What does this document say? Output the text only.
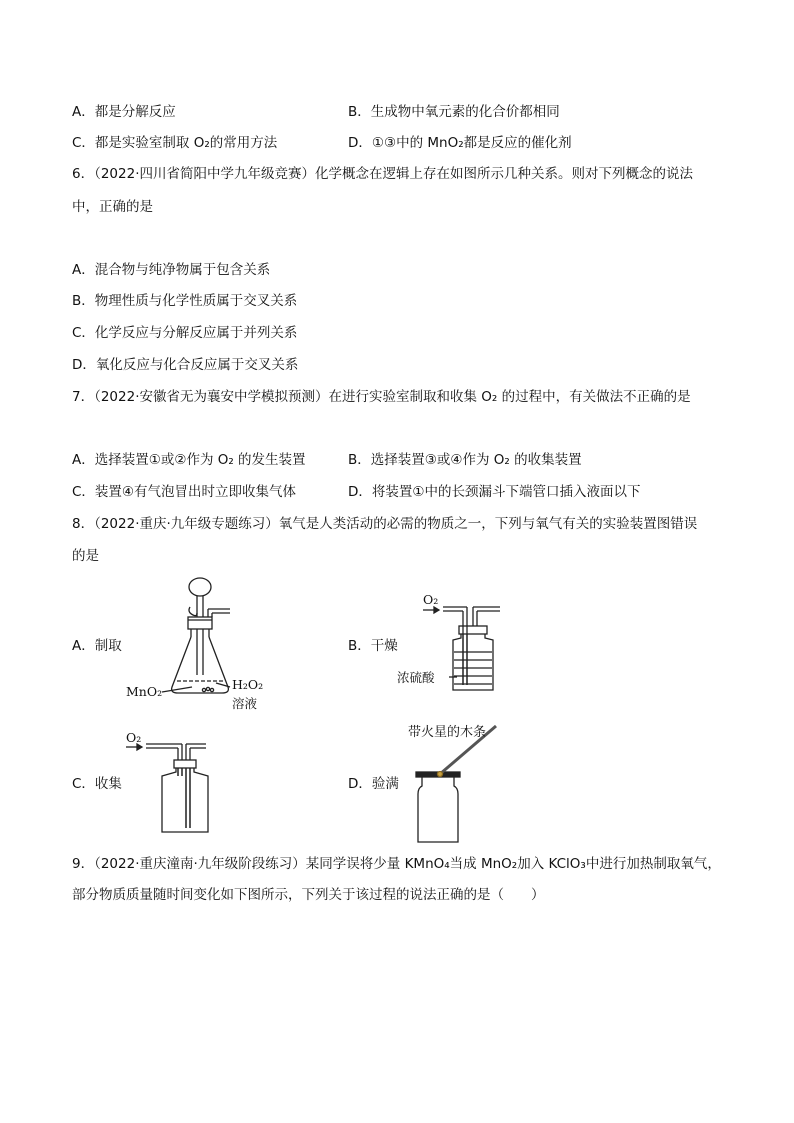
A．都是分解反应	B．生成物中氧元素的化合价都相同
C．都是实验室制取 O₂的常用方法	D．①③中的 MnO₂都是反应的催化剂
6．（2022·四川省简阳中学九年级竞赛）化学概念在逻辑上存在如图所示几种关系。则对下列概念的说法
中，正确的是
A．混合物与纯净物属于包含关系
B．物理性质与化学性质属于交叉关系
C．化学反应与分解反应属于并列关系
D．氧化反应与化合反应属于交叉关系
7．（2022·安徽省无为襄安中学模拟预测）在进行实验室制取和收集 O₂ 的过程中，有关做法不正确的是
A．选择装置①或②作为 O₂ 的发生装置	B．选择装置③或④作为 O₂ 的收集装置
C．装置④有气泡冒出时立即收集气体	D．将装置①中的长颈漏斗下端管口插入液面以下
8．（2022·重庆·九年级专题练习）氧气是人类活动的必需的物质之一，下列与氧气有关的实验装置图错误
的是
A．制取	B．干燥
C．收集	D．验满
MnO₂	H₂O₂
溶液
O₂
浓硫酸
O₂	带火星的木条
9．（2022·重庆潼南·九年级阶段练习）某同学误将少量 KMnO₄当成 MnO₂加入 KClO₃中进行加热制取氧气，
部分物质质量随时间变化如下图所示，下列关于该过程的说法正确的是（　　）
